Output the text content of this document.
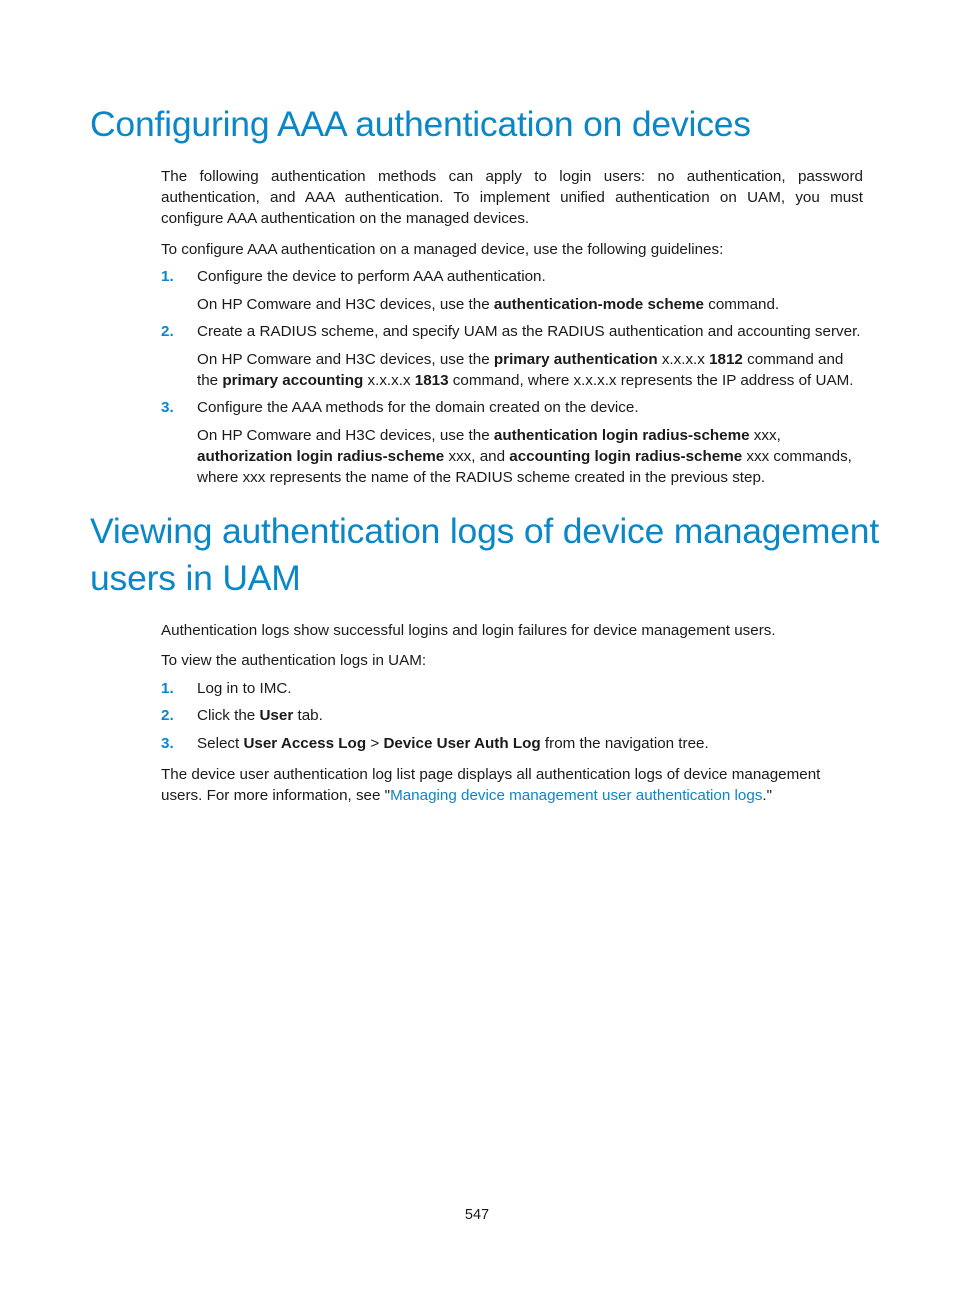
Configuring AAA authentication on devices

The following authentication methods can apply to login users: no authentication, password authentication, and AAA authentication. To implement unified authentication on UAM, you must configure AAA authentication on the managed devices.

To configure AAA authentication on a managed device, use the following guidelines:

1. Configure the device to perform AAA authentication.
On HP Comware and H3C devices, use the authentication-mode scheme command.
2. Create a RADIUS scheme, and specify UAM as the RADIUS authentication and accounting server.
On HP Comware and H3C devices, use the primary authentication x.x.x.x 1812 command and the primary accounting x.x.x.x 1813 command, where x.x.x.x represents the IP address of UAM.
3. Configure the AAA methods for the domain created on the device.
On HP Comware and H3C devices, use the authentication login radius-scheme xxx, authorization login radius-scheme xxx, and accounting login radius-scheme xxx commands, where xxx represents the name of the RADIUS scheme created in the previous step.
Viewing authentication logs of device management users in UAM

Authentication logs show successful logins and login failures for device management users.

To view the authentication logs in UAM:

1. Log in to IMC.
2. Click the User tab.
3. Select User Access Log > Device User Auth Log from the navigation tree.

The device user authentication log list page displays all authentication logs of device management users. For more information, see "Managing device management user authentication logs."

547
